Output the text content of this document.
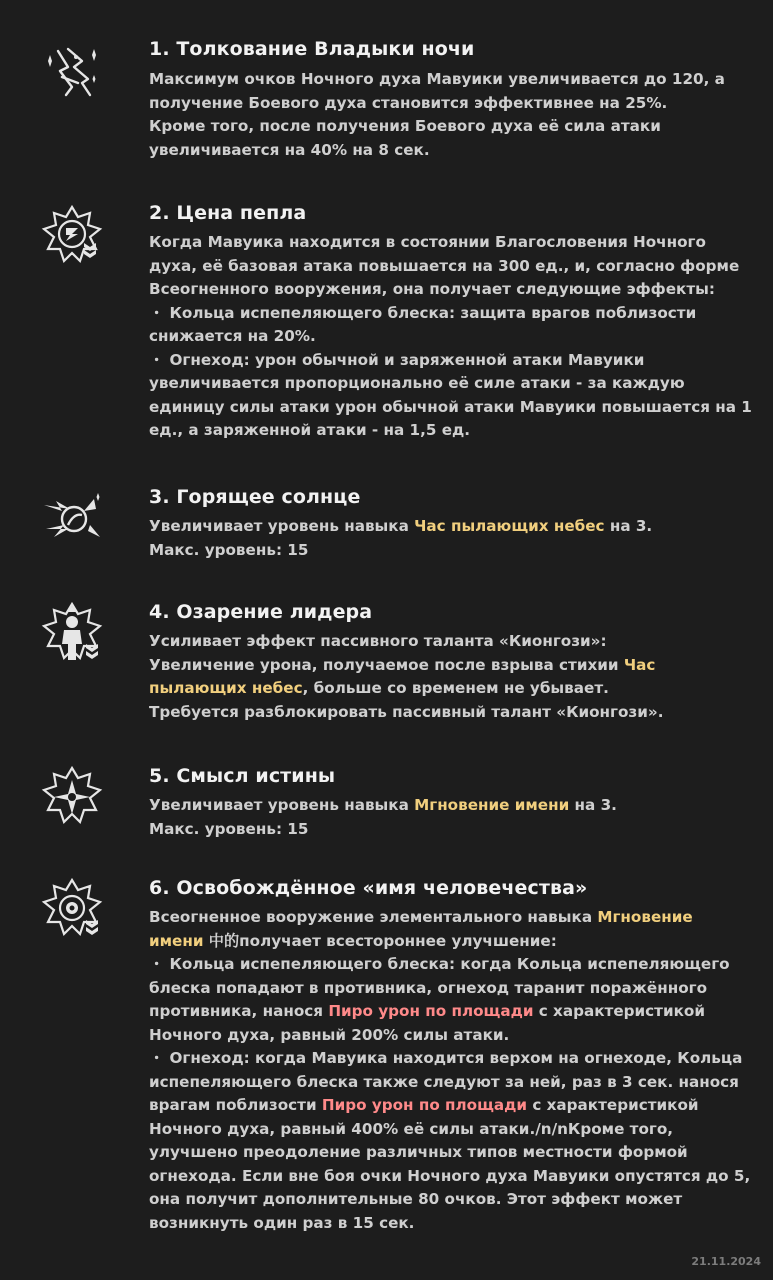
1. Толкование Владыки ночи
Максимум очков Ночного духа Мавуики увеличивается до 120, а
получение Боевого духа становится эффективнее на 25%.
Кроме того, после получения Боевого духа её сила атаки
увеличивается на 40% на 8 сек.
2. Цена пепла
Когда Мавуика находится в состоянии Благословения Ночного
духа, её базовая атака повышается на 300 ед., и, согласно форме
Всеогненного вооружения, она получает следующие эффекты:
・ Кольца испепеляющего блеска: защита врагов поблизости
снижается на 20%.
・ Огнеход: урон обычной и заряженной атаки Мавуики
увеличивается пропорционально её силе атаки - за каждую
единицу силы атаки урон обычной атаки Мавуики повышается на 1
ед., а заряженной атаки - на 1,5 ед.
3. Горящее солнце
Увеличивает уровень навыка Час пылающих небес на 3.
Макс. уровень: 15
4. Озарение лидера
Усиливает эффект пассивного таланта «Кионгози»:
Увеличение урона, получаемое после взрыва стихии Час
пылающих небес, больше со временем не убывает.
Требуется разблокировать пассивный талант «Кионгози».
5. Смысл истины
Увеличивает уровень навыка Мгновение имени на 3.
Макс. уровень: 15
6. Освобождённое «имя человечества»
Всеогненное вооружение элементального навыка Мгновение
имени 中的получает всестороннее улучшение:
・ Кольца испепеляющего блеска: когда Кольца испепеляющего
блеска попадают в противника, огнеход таранит поражённого
противника, нанося Пиро урон по площади с характеристикой
Ночного духа, равный 200% силы атаки.
・ Огнеход: когда Мавуика находится верхом на огнеходе, Кольца
испепеляющего блеска также следуют за ней, раз в 3 сек. нанося
врагам поблизости Пиро урон по площади с характеристикой
Ночного духа, равный 400% её силы атаки./n/nКроме того,
улучшено преодоление различных типов местности формой
огнехода. Если вне боя очки Ночного духа Мавуики опустятся до 5,
она получит дополнительные 80 очков. Этот эффект может
возникнуть один раз в 15 сек.
21.11.2024
